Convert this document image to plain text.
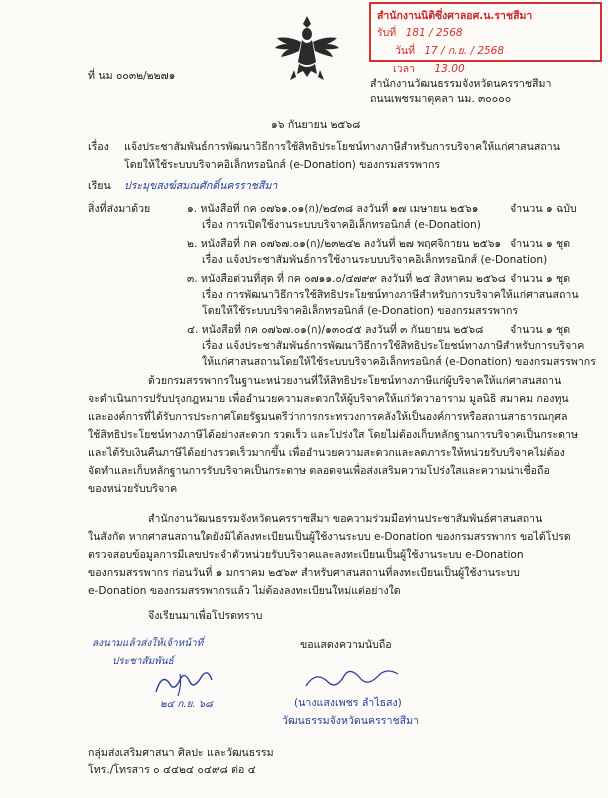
สำนักงานนิติซึ่งศาลอศ.น.ราชสีมา
รับที่ 181 / 2568
วันที่ 17 / ก.ย. / 2568
เวลา 13.00
ที่ นม ๐๐๓๒/๒๒๗๑
สำนักงานวัฒนธรรมจังหวัดนครราชสีมา
ถนนเพชรมาตุคลา นม. ๓๐๐๐๐
๑๖ กันยายน ๒๕๖๘
เรื่อง แจ้งประชาสัมพันธ์การพัฒนาวิธีการใช้สิทธิประโยชน์ทางภาษีสำหรับการบริจาคให้แก่ศาสนสถาน
โดยให้ใช้ระบบบริจาคอิเล็กทรอนิกส์ (e-Donation) ของกรมสรรพากร
เรียน ประมุขสงฆ์สมณศักดิ์นครราชสีมา
สิ่งที่ส่งมาด้วย	๑. หนังสือที่ กค ๐๗๖๑.๐๑(ก)/๒๔๓๘ ลงวันที่ ๑๗ เมษายน ๒๕๖๑	จำนวน ๑ ฉบับ
เรื่อง การเปิดใช้งานระบบบริจาคอิเล็กทรอนิกส์ (e-Donation)
๒. หนังสือที่ กค ๐๗๖๗.๐๑(ก)/๒๓๒๔๒ ลงวันที่ ๒๗ พฤศจิกายน ๒๕๖๑ จำนวน ๑ ชุด
เรื่อง แจ้งประชาสัมพันธ์การใช้งานระบบบริจาคอิเล็กทรอนิกส์ (e-Donation)
๓. หนังสือด่วนที่สุด ที่ กค ๐๗๑๑.๐/๔๗๙๙ ลงวันที่ ๒๕ สิงหาคม ๒๕๖๘ จำนวน ๑ ชุด
เรื่อง การพัฒนาวิธีการใช้สิทธิประโยชน์ทางภาษีสำหรับการบริจาคให้แก่ศาสนสถาน
โดยให้ใช้ระบบบริจาคอิเล็กทรอนิกส์ (e-Donation) ของกรมสรรพากร
๔. หนังสือที่ กค ๐๗๖๗.๐๑(ก)/๑๓๐๔๕ ลงวันที่ ๓ กันยายน ๒๕๖๘	จำนวน ๑ ชุด
เรื่อง แจ้งประชาสัมพันธ์การพัฒนาวิธีการใช้สิทธิประโยชน์ทางภาษีสำหรับการบริจาค
ให้แก่ศาสนสถานโดยให้ใช้ระบบบริจาคอิเล็กทรอนิกส์ (e-Donation) ของกรมสรรพากร
ด้วยกรมสรรพากรในฐานะหน่วยงานที่ให้สิทธิประโยชน์ทางภาษีแก่ผู้บริจาคให้แก่ศาสนสถาน
จะดำเนินการปรับปรุงกฎหมาย เพื่ออำนวยความสะดวกให้ผู้บริจาคให้แก่วัดวาอาราม มูลนิธิ สมาคม กองทุน
และองค์การที่ได้รับการประกาศโดยรัฐมนตรีว่าการกระทรวงการคลังให้เป็นองค์การหรือสถานสาธารณกุศล
ใช้สิทธิประโยชน์ทางภาษีได้อย่างสะดวก รวดเร็ว และโปร่งใส โดยไม่ต้องเก็บหลักฐานการบริจาคเป็นกระดาษ
และได้รับเงินคืนภาษีได้อย่างรวดเร็วมากขึ้น เพื่ออำนวยความสะดวกและลดภาระให้หน่วยรับบริจาคไม่ต้อง
จัดทำและเก็บหลักฐานการรับบริจาคเป็นกระดาษ ตลอดจนเพื่อส่งเสริมความโปร่งใสและความน่าเชื่อถือ
ของหน่วยรับบริจาค
สำนักงานวัฒนธรรมจังหวัดนครราชสีมา ขอความร่วมมือท่านประชาสัมพันธ์ศาสนสถาน
ในสังกัด หากศาสนสถานใดยังมิได้ลงทะเบียนเป็นผู้ใช้งานระบบ e-Donation ของกรมสรรพากร ขอได้โปรด
ตรวจสอบข้อมูลการมีเลขประจำตัวหน่วยรับบริจาคและลงทะเบียนเป็นผู้ใช้งานระบบ e-Donation
ของกรมสรรพากร ก่อนวันที่ ๑ มกราคม ๒๕๖๙ สำหรับศาสนสถานที่ลงทะเบียนเป็นผู้ใช้งานระบบ
e-Donation ของกรมสรรพากรแล้ว ไม่ต้องลงทะเบียนใหม่แต่อย่างใด
จึงเรียนมาเพื่อโปรดทราบ
ลงนามแล้วส่งให้เจ้าหน้าที่
ประชาสัมพันธ์
๒๔ ก.ย. ๖๘
ขอแสดงความนับถือ
(นางแสงเพชร ลำไธสง)
วัฒนธรรมจังหวัดนครราชสีมา
กลุ่มส่งเสริมศาสนา ศิลปะ และวัฒนธรรม
โทร./โทรสาร ๐ ๔๔๒๔ ๐๔๙๘ ต่อ ๔
